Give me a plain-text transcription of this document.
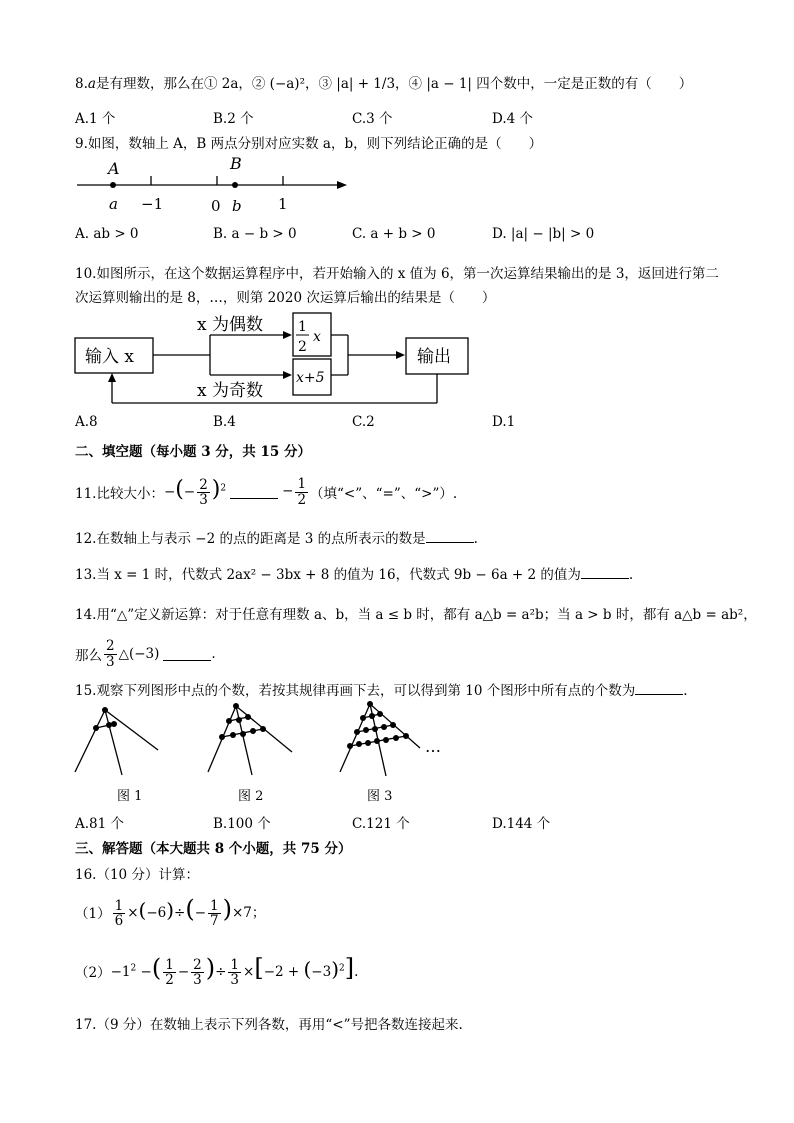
8.a是有理数，那么在① 2a，② (−a)²，③ |a| + 1/3，④ |a − 1| 四个数中，一定是正数的有（　　）
A.1 个	B.2 个	C.3 个	D.4 个
9.如图，数轴上 A，B 两点分别对应实数 a，b，则下列结论正确的是（　　）
A	B
a −1	0 b 1
A. ab > 0	B. a − b > 0	C. a + b > 0	D. |a| − |b| > 0
10.如图所示，在这个数据运算程序中，若开始输入的 x 值为 6，第一次运算结果输出的是 3，返回进行第二
次运算则输出的是 8，…，则第 2020 次运算后输出的结果是（　　）
输入 x
x 为偶数
x 为奇数
1
2
x
x+5
输出
A.8	B.4	C.2	D.1
二、填空题（每小题 3 分，共 15 分）
11.比较大小： −(− $\frac{2}{3} )^2$	− $\frac{1}{2}$ （填“<”、“=”、“>”）.
12.在数轴上与表示 −2 的点的距离是 3 的点所表示的数是	.
13.当 x = 1 时，代数式 2ax² − 3bx + 8 的值为 16，代数式 9b − 6a + 2 的值为	.
14.用“△”定义新运算：对于任意有理数 a、b，当 a ≤ b 时，都有 a△b = a²b；当 a > b 时，都有 a△b = ab²，
那么 $\frac{2}{3}$ △(−3)	.
15.观察下列图形中点的个数，若按其规律再画下去，可以得到第 10 个图形中所有点的个数为	.
…
图 1	图 2	图 3
A.81 个	B.100 个	C.121 个	D.144 个
三、解答题（本大题共 8 个小题，共 75 分）
16.（10 分）计算：
$(1) \frac{1}{6} \times(-6)\div(- \frac{1}{7} )\times 7$；
$(2) -1^2$ −( $\frac{1}{2} - \frac{2}{3}$ )÷ $\frac{1}{3} \times[-2 + (-3)^2]$.
17.（9 分）在数轴上表示下列各数，再用“<”号把各数连接起来.
